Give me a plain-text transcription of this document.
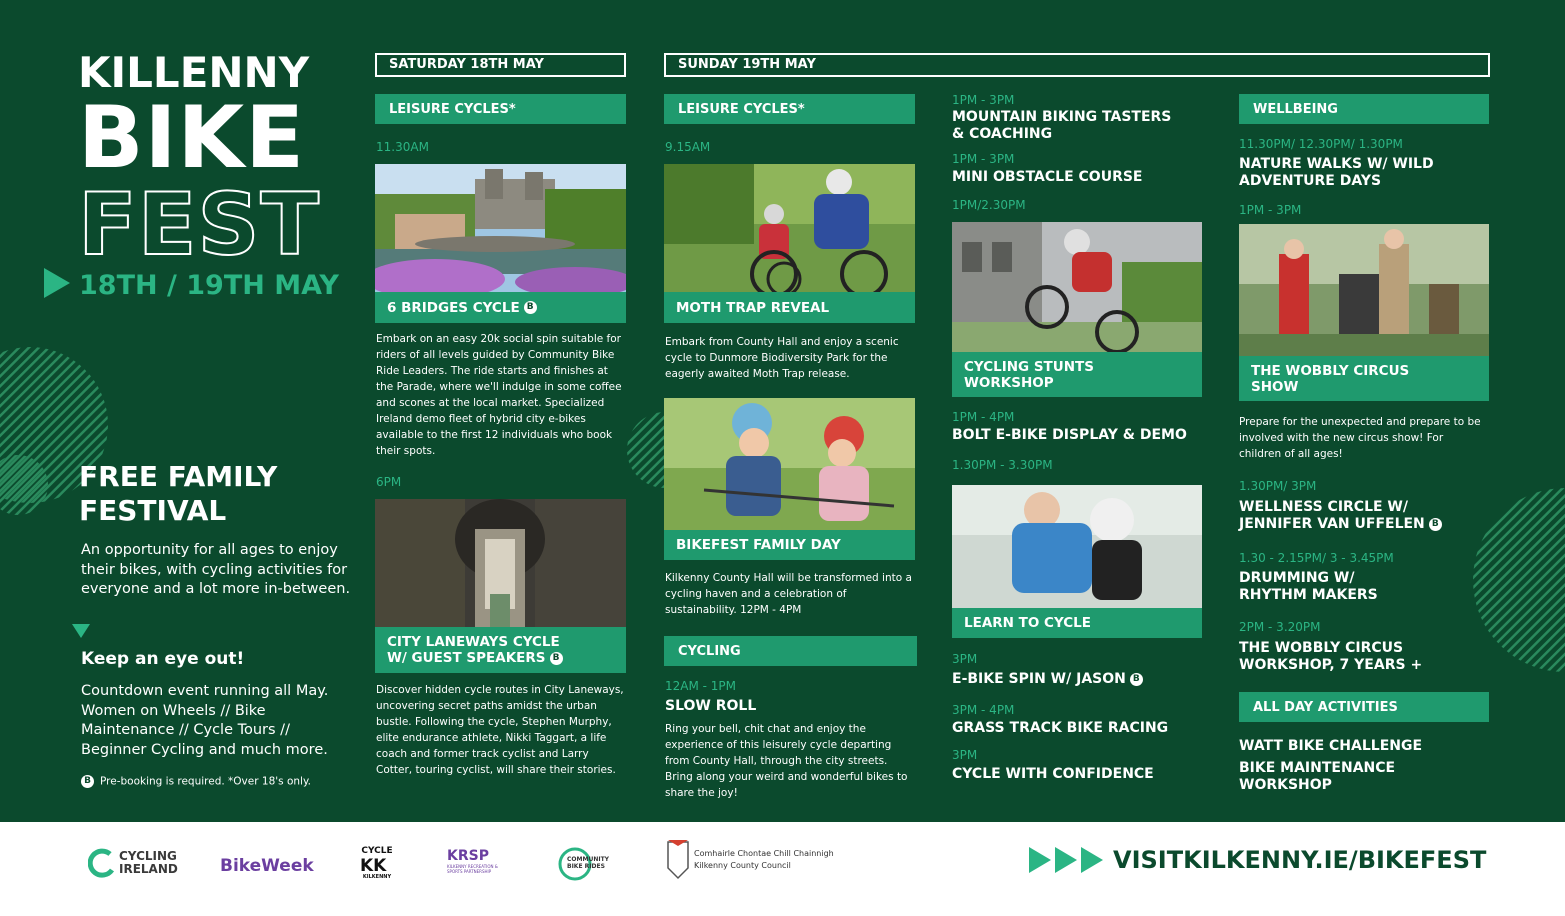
KILLENNY
BIKE
FEST
18TH / 19TH MAY
FREE FAMILY
FESTIVAL
An opportunity for all ages to enjoy their bikes, with cycling activities for everyone and a lot more in-between.
Keep an eye out!
Countdown event running all May. Women on Wheels // Bike Maintenance // Cycle Tours // Beginner Cycling and much more.
B Pre-booking is required. *Over 18's only.
SATURDAY 18TH MAY	SUNDAY 19TH MAY
LEISURE CYCLES*
11.30AM
6 BRIDGES CYCLE B
Embark on an easy 20k social spin suitable for riders of all levels guided by Community Bike Ride Leaders. The ride starts and finishes at the Parade, where we'll indulge in some coffee and scones at the local market. Specialized Ireland demo fleet of hybrid city e-bikes available to the first 12 individuals who book their spots.
6PM
CITY LANEWAYS CYCLE
W/ GUEST SPEAKERS B
Discover hidden cycle routes in City Laneways, uncovering secret paths amidst the urban bustle. Following the cycle, Stephen Murphy, elite endurance athlete, Nikki Taggart, a life coach and former track cyclist and Larry Cotter, touring cyclist, will share their stories.
LEISURE CYCLES*
9.15AM
MOTH TRAP REVEAL
Embark from County Hall and enjoy a scenic cycle to Dunmore Biodiversity Park for the eagerly awaited Moth Trap release.
BIKEFEST FAMILY DAY
Kilkenny County Hall will be transformed into a cycling haven and a celebration of sustainability. 12PM - 4PM
CYCLING
12AM - 1PM
SLOW ROLL
Ring your bell, chit chat and enjoy the experience of this leisurely cycle departing from County Hall, through the city streets. Bring along your weird and wonderful bikes to share the joy!
1PM - 3PM
MOUNTAIN BIKING TASTERS
& COACHING
1PM - 3PM
MINI OBSTACLE COURSE
1PM/2.30PM
CYCLING STUNTS
WORKSHOP
1PM - 4PM
BOLT E-BIKE DISPLAY & DEMO
1.30PM - 3.30PM
LEARN TO CYCLE
3PM
E-BIKE SPIN W/ JASON B
3PM - 4PM
GRASS TRACK BIKE RACING
3PM
CYCLE WITH CONFIDENCE
WELLBEING
11.30PM/ 12.30PM/ 1.30PM
NATURE WALKS W/ WILD
ADVENTURE DAYS
1PM - 3PM
THE WOBBLY CIRCUS
SHOW
Prepare for the unexpected and prepare to be involved with the new circus show! For children of all ages!
1.30PM/ 3PM
WELLNESS CIRCLE W/
JENNIFER VAN UFFELEN B
1.30 - 2.15PM/ 3 - 3.45PM
DRUMMING W/
RHYTHM MAKERS
2PM - 3.20PM
THE WOBBLY CIRCUS
WORKSHOP, 7 YEARS +
ALL DAY ACTIVITIES
WATT BIKE CHALLENGE
BIKE MAINTENANCE
WORKSHOP
CYCLING
IRELAND BikeWeek
CYCLE
KK
KILKENNY
KRSP
KILKENNY RECREATION & SPORTS PARTNERSHIP
COMMUNITY
BIKE RIDES
Comhairle Chontae Chill Chainnigh
Kilkenny County Council	VISITKILKENNY.IE/BIKEFEST
